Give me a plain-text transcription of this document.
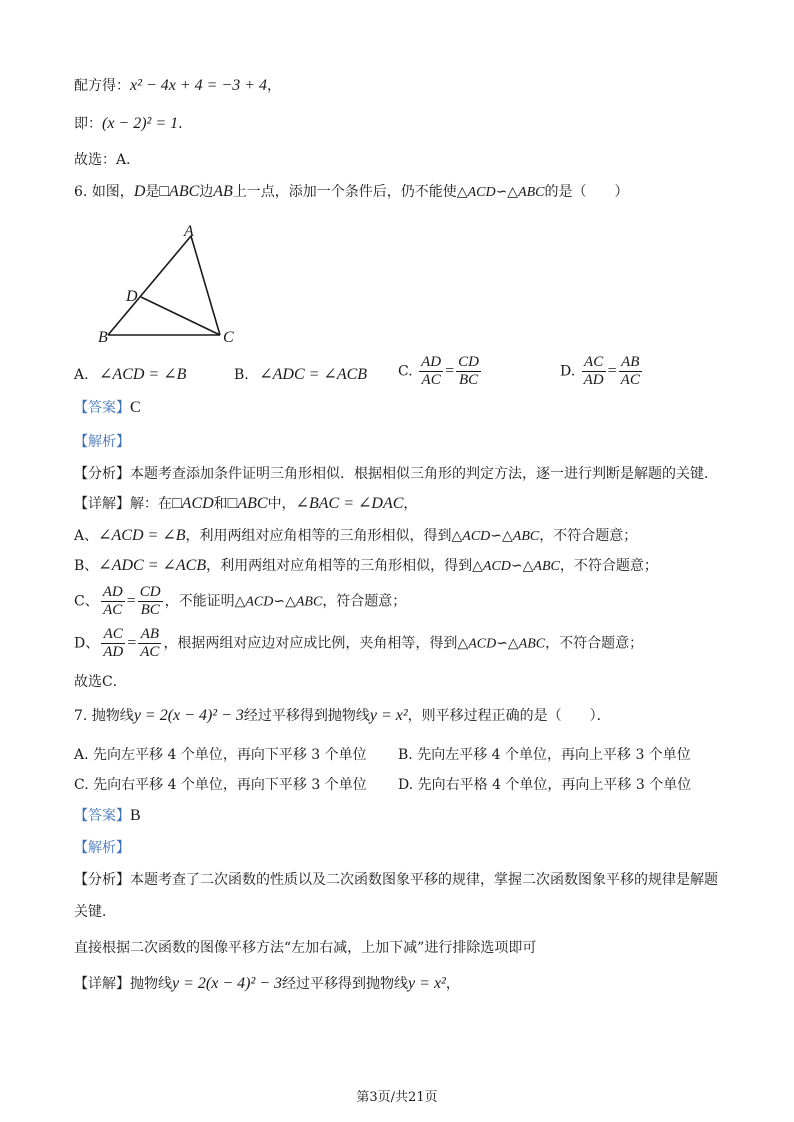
配方得：x² − 4x + 4 = −3 + 4，
即：(x − 2)² = 1．
故选：A．
6. 如图，D是□ABC边AB上一点，添加一个条件后，仍不能使△ACD∽△ABC的是（　　）
A
B	C
D
A. ∠ACD = ∠B	B. ∠ADC = ∠ACB C. $\frac{AD}{AC} = \frac{CD}{BC}$	D. $\frac{AC}{AD} = \frac{AB}{AC}$
【答案】C
【解析】
【分析】本题考查添加条件证明三角形相似．根据相似三角形的判定方法，逐一进行判断是解题的关键．
【详解】解：在□ACD和□ABC中，∠BAC = ∠DAC，
A、∠ACD = ∠B，利用两组对应角相等的三角形相似，得到△ACD∽△ABC，不符合题意；
B、∠ADC = ∠ACB，利用两组对应角相等的三角形相似，得到△ACD∽△ABC，不符合题意；
C、 $\frac{AD}{AC} = \frac{CD}{BC}$ ，不能证明△ACD∽△ABC，符合题意；
D、 $\frac{AC}{AD} = \frac{AB}{AC}$ ，根据两组对应边对应成比例，夹角相等，得到△ACD∽△ABC，不符合题意；
故选C．
7. 抛物线y = 2(x − 4)² − 3经过平移得到抛物线y = x²，则平移过程正确的是（　　）．
A. 先向左平移 4 个单位，再向下平移 3 个单位 B. 先向左平移 4 个单位，再向上平移 3 个单位
C. 先向右平移 4 个单位，再向下平移 3 个单位 D. 先向右平格 4 个单位，再向上平移 3 个单位
【答案】B
【解析】
【分析】本题考查了二次函数的性质以及二次函数图象平移的规律，掌握二次函数图象平移的规律是解题
关键．
直接根据二次函数的图像平移方法“左加右减，上加下减”进行排除选项即可
【详解】抛物线y = 2(x − 4)² − 3经过平移得到抛物线y = x²，
第3页/共21页
